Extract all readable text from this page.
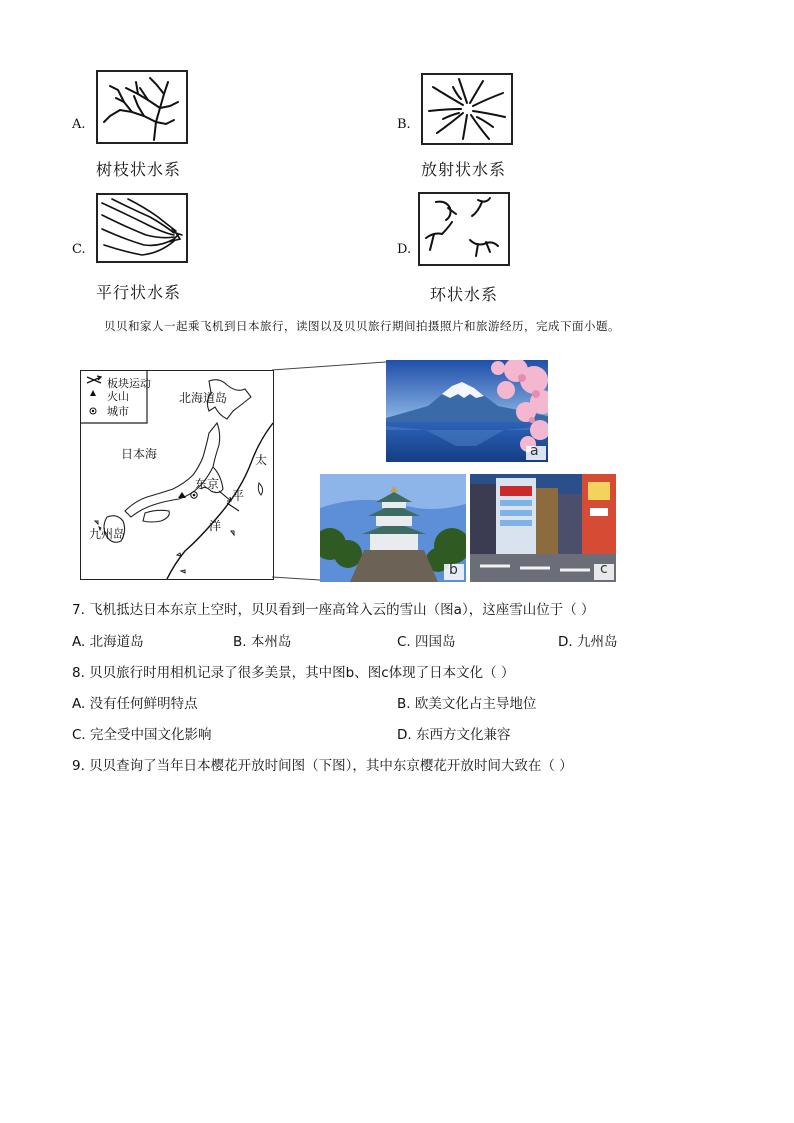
A.
树枝状水系
B.
放射状水系
C.
平行状水系
D.
环状水系
贝贝和家人一起乘飞机到日本旅行，读图以及贝贝旅行期间拍摄照片和旅游经历，完成下面小题。
板块运动
火山
城市
北海道岛
日本海
东京
九州岛
太
平
洋
a
b	c
7. 飞机抵达日本东京上空时，贝贝看到一座高耸入云的雪山（图a），这座雪山位于（ ）
A. 北海道岛	B. 本州岛	C. 四国岛	D. 九州岛
8. 贝贝旅行时用相机记录了很多美景，其中图b、图c体现了日本文化（ ）
A. 没有任何鲜明特点	B. 欧美文化占主导地位
C. 完全受中国文化影响	D. 东西方文化兼容
9. 贝贝查询了当年日本樱花开放时间图（下图），其中东京樱花开放时间大致在（ ）
